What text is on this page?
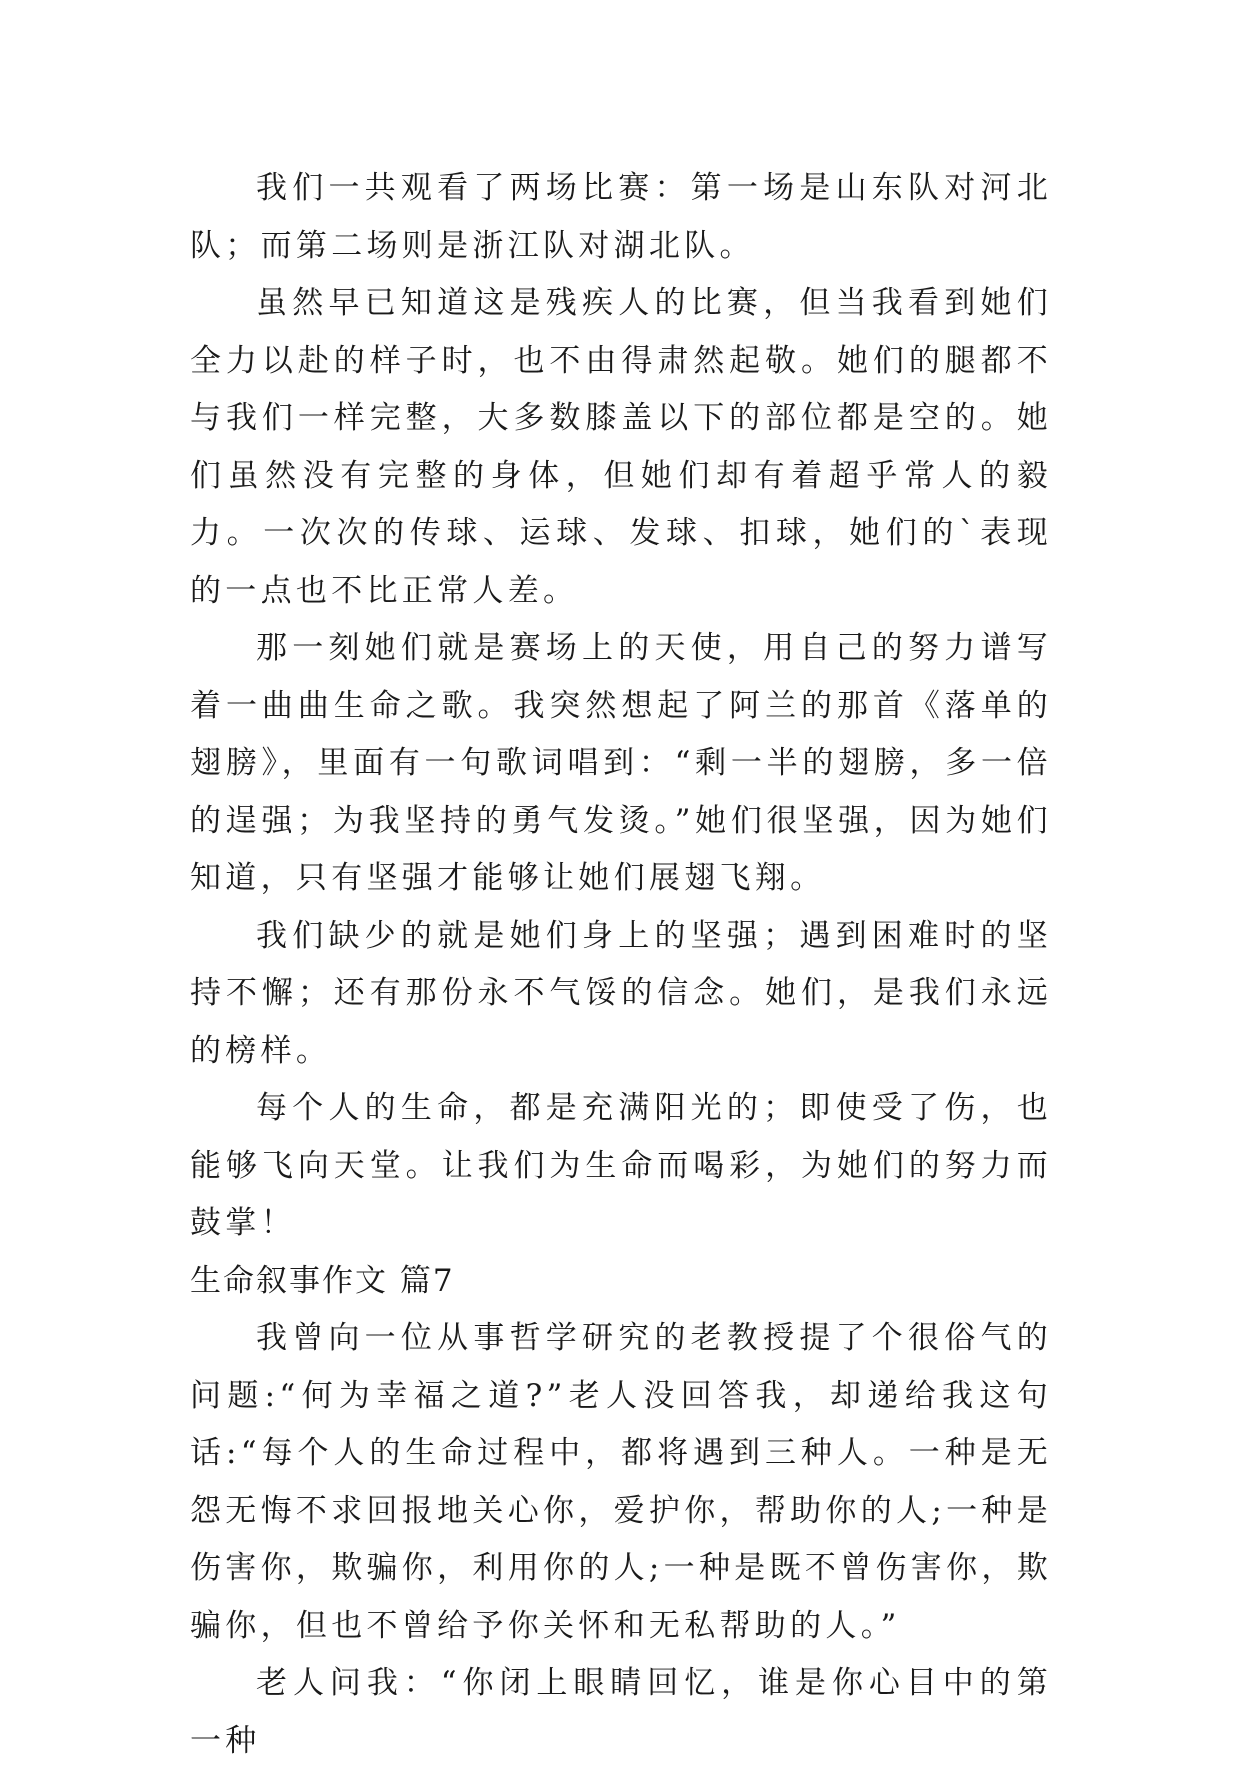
我们一共观看了两场比赛：第一场是山东队对河北队；而第二场则是浙江队对湖北队。

虽然早已知道这是残疾人的比赛，但当我看到她们全力以赴的样子时，也不由得肃然起敬。她们的腿都不与我们一样完整，大多数膝盖以下的部位都是空的。她们虽然没有完整的身体，但她们却有着超乎常人的毅力。一次次的传球、运球、发球、扣球，她们的`表现的一点也不比正常人差。

那一刻她们就是赛场上的天使，用自己的努力谱写着一曲曲生命之歌。我突然想起了阿兰的那首《落单的翅膀》，里面有一句歌词唱到：“剩一半的翅膀，多一倍的逞强；为我坚持的勇气发烫。”她们很坚强，因为她们知道，只有坚强才能够让她们展翅飞翔。

我们缺少的就是她们身上的坚强；遇到困难时的坚持不懈；还有那份永不气馁的信念。她们，是我们永远的榜样。

每个人的生命，都是充满阳光的；即使受了伤，也能够飞向天堂。让我们为生命而喝彩，为她们的努力而鼓掌！

生命叙事作文 篇7

我曾向一位从事哲学研究的老教授提了个很俗气的问题:“何为幸福之道?”老人没回答我，却递给我这句话:“每个人的生命过程中，都将遇到三种人。一种是无怨无悔不求回报地关心你，爱护你，帮助你的人;一种是伤害你，欺骗你，利用你的人;一种是既不曾伤害你，欺骗你，但也不曾给予你关怀和无私帮助的人。”

老人问我：“你闭上眼睛回忆，谁是你心目中的第一种
